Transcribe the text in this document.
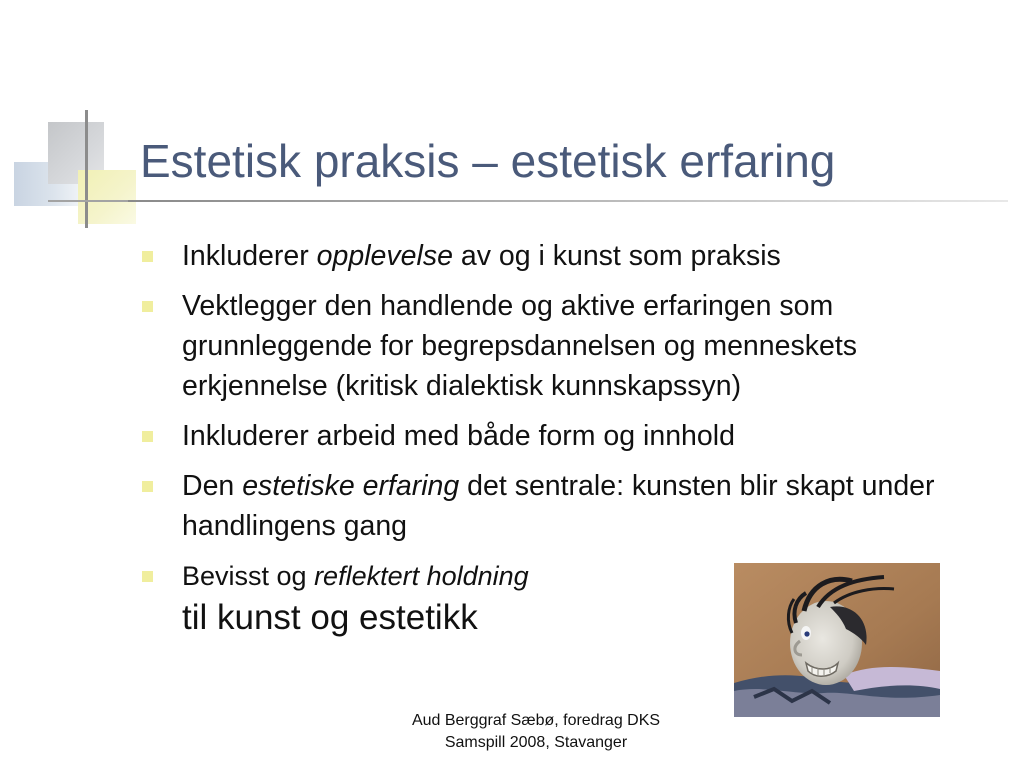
Estetisk praksis – estetisk erfaring
Inkluderer opplevelse av og i kunst som praksis
Vektlegger den handlende og aktive erfaringen som grunnleggende for begrepsdannelsen og menneskets erkjennelse (kritisk dialektisk kunnskapssyn)
Inkluderer arbeid med både form og innhold
Den estetiske erfaring det sentrale: kunsten blir skapt under handlingens gang
Bevisst og reflektert holdning
til kunst og estetikk
Aud Berggraf Sæbø, foredrag DKS
Samspill 2008, Stavanger
